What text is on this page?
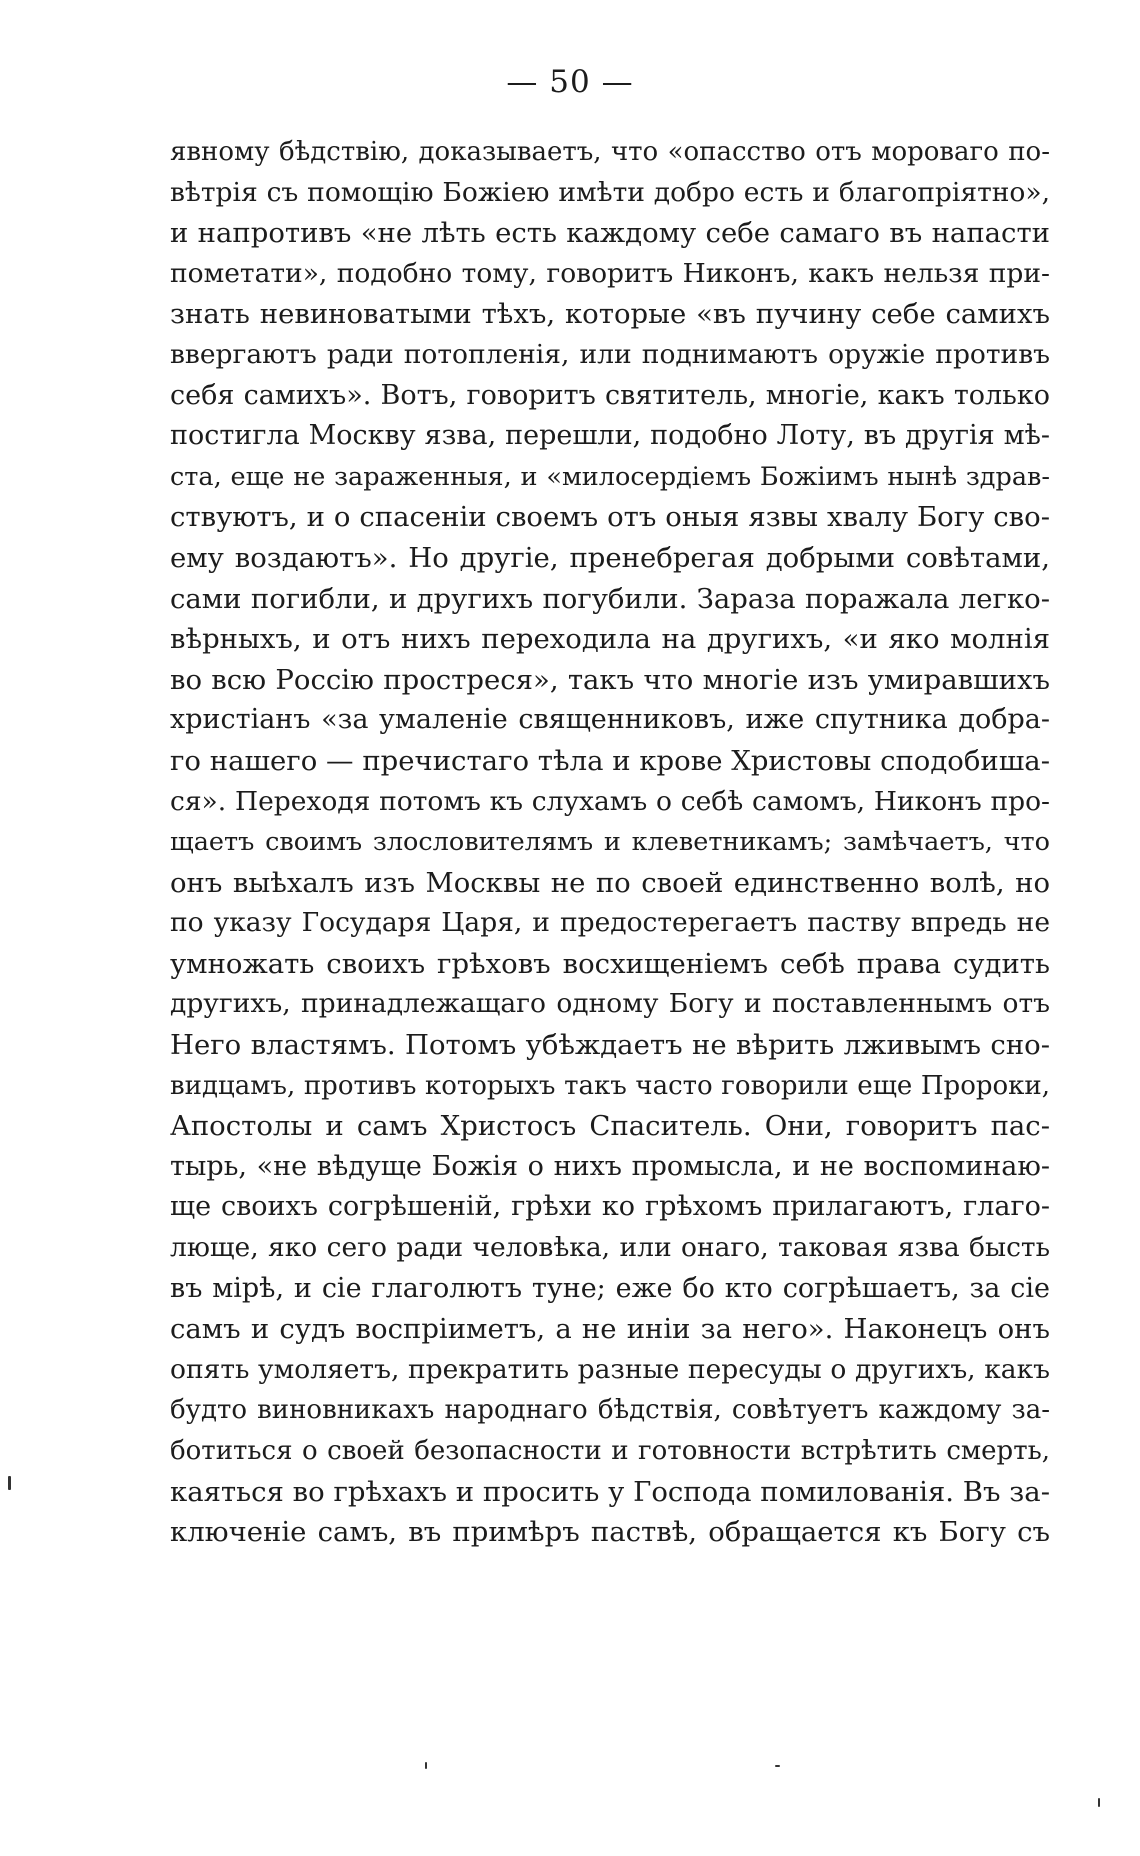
— 50 —
явному бѣдствію, доказываетъ, что «опасство отъ мороваго по-
вѣтрія съ помощію Божіею имѣти добро есть и благопріятно»,
и напротивъ «не лѣть есть каждому себе самаго въ напасти
пометати», подобно тому, говоритъ Никонъ, какъ нельзя при-
знать невиноватыми тѣхъ, которые «въ пучину себе самихъ
ввергаютъ ради потопленія, или поднимаютъ оружіе противъ
себя самихъ». Вотъ, говоритъ святитель, многіе, какъ только
постигла Москву язва, перешли, подобно Лоту, въ другія мѣ-
ста, еще не зараженныя, и «милосердіемъ Божіимъ нынѣ здрав-
ствуютъ, и о спасеніи своемъ отъ оныя язвы хвалу Богу сво-
ему воздаютъ». Но другіе, пренебрегая добрыми совѣтами,
сами погибли, и другихъ погубили. Зараза поражала легко-
вѣрныхъ, и отъ нихъ переходила на другихъ, «и яко молнія
во всю Россію простреся», такъ что многіе изъ умиравшихъ
христіанъ «за умаленіе священниковъ, иже спутника добра-
го нашего — пречистаго тѣла и крове Христовы сподобиша-
ся». Переходя потомъ къ слухамъ о себѣ самомъ, Никонъ про-
щаетъ своимъ злословителямъ и клеветникамъ; замѣчаетъ, что
онъ выѣхалъ изъ Москвы не по своей единственно волѣ, но
по указу Государя Царя, и предостерегаетъ паству впредь не
умножать своихъ грѣховъ восхищеніемъ себѣ права судить
другихъ, принадлежащаго одному Богу и поставленнымъ отъ
Него властямъ. Потомъ убѣждаетъ не вѣрить лживымъ сно-
видцамъ, противъ которыхъ такъ часто говорили еще Пророки,
Апостолы и самъ Христосъ Спаситель. Они, говоритъ пас-
тырь, «не вѣдуще Божія о нихъ промысла, и не воспоминаю-
ще своихъ согрѣшеній, грѣхи ко грѣхомъ прилагаютъ, глаго-
люще, яко сего ради человѣка, или онаго, таковая язва бысть
въ мірѣ, и сіе глаголютъ туне; еже бо кто согрѣшаетъ, за сіе
самъ и судъ воспріиметъ, а не иніи за него». Наконецъ онъ
опять умоляетъ, прекратить разные пересуды о другихъ, какъ
будто виновникахъ народнаго бѣдствія, совѣтуетъ каждому за-
ботиться о своей безопасности и готовности встрѣтить смерть,
каяться во грѣхахъ и просить у Господа помилованія. Въ за-
ключеніе самъ, въ примѣръ паствѣ, обращается къ Богу съ
